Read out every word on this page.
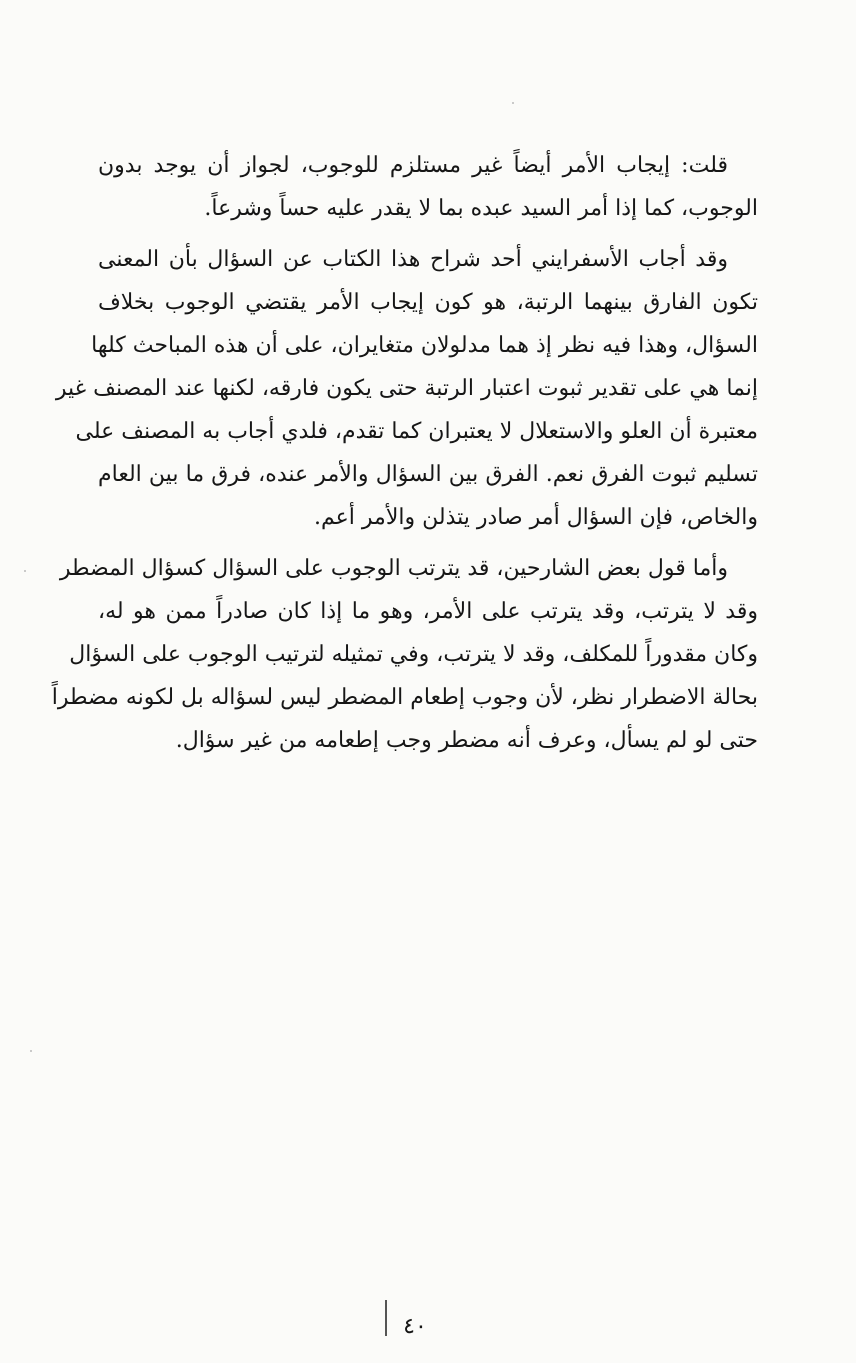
قلت: إيجاب الأمر أيضاً غير مستلزم للوجوب، لجواز أن يوجد بدون
الوجوب، كما إذا أمر السيد عبده بما لا يقدر عليه حساً وشرعاً.

وقد أجاب الأسفرايني أحد شراح هذا الكتاب عن السؤال بأن المعنى
تكون الفارق بينهما الرتبة، هو كون إيجاب الأمر يقتضي الوجوب بخلاف
السؤال، وهذا فيه نظر إذ هما مدلولان متغايران، على أن هذه المباحث كلها
إنما هي على تقدير ثبوت اعتبار الرتبة حتى يكون فارقه، لكنها عند المصنف غير
معتبرة أن العلو والاستعلال لا يعتبران كما تقدم، فلدي أجاب به المصنف على
تسليم ثبوت الفرق نعم. الفرق بين السؤال والأمر عنده، فرق ما بين العام
والخاص، فإن السؤال أمر صادر يتذلن والأمر أعم.

وأما قول بعض الشارحين، قد يترتب الوجوب على السؤال كسؤال المضطر
وقد لا يترتب، وقد يترتب على الأمر، وهو ما إذا كان صادراً ممن هو له،
وكان مقدوراً للمكلف، وقد لا يترتب، وفي تمثيله لترتيب الوجوب على السؤال
بحالة الاضطرار نظر، لأن وجوب إطعام المضطر ليس لسؤاله بل لكونه مضطراً
حتى لو لم يسأل، وعرف أنه مضطر وجب إطعامه من غير سؤال.

٤٠
